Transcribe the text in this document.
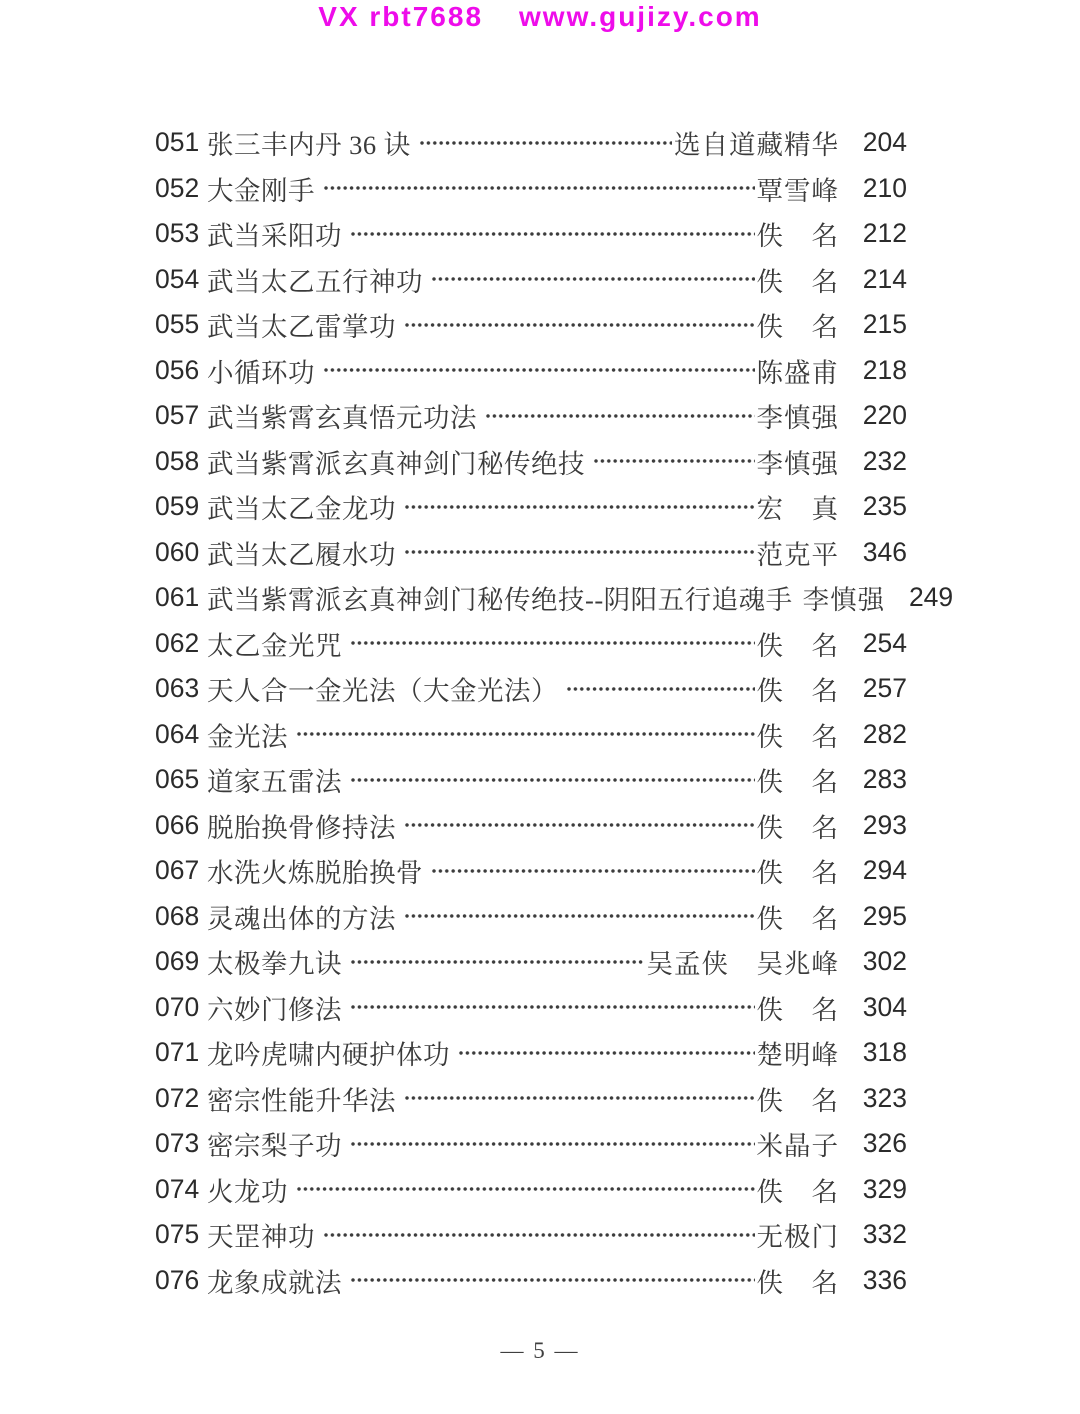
VX rbt7688 www.gujizy.com
051 张三丰内丹 36 诀	选自道藏精华 204
052 大金刚手	覃雪峰 210
053 武当采阳功	佚　名 212
054 武当太乙五行神功	佚　名 214
055 武当太乙雷掌功	佚　名 215
056 小循环功	陈盛甫 218
057 武当紫霄玄真悟元功法	李慎强 220
058 武当紫霄派玄真神剑门秘传绝技	李慎强 232
059 武当太乙金龙功	宏　真 235
060 武当太乙履水功	范克平 346
061 武当紫霄派玄真神剑门秘传绝技--阴阳五行追魂手 李慎强 249
062 太乙金光咒	佚　名 254
063 天人合一金光法（大金光法）	佚　名 257
064 金光法	佚　名 282
065 道家五雷法	佚　名 283
066 脱胎换骨修持法	佚　名 293
067 水洗火炼脱胎换骨	佚　名 294
068 灵魂出体的方法	佚　名 295
069 太极拳九诀	吴孟侠　吴兆峰 302
070 六妙门修法	佚　名 304
071 龙吟虎啸内硬护体功	楚明峰 318
072 密宗性能升华法	佚　名 323
073 密宗梨子功	米晶子 326
074 火龙功	佚　名 329
075 天罡神功	无极门 332
076 龙象成就法	佚　名 336
— 5 —
